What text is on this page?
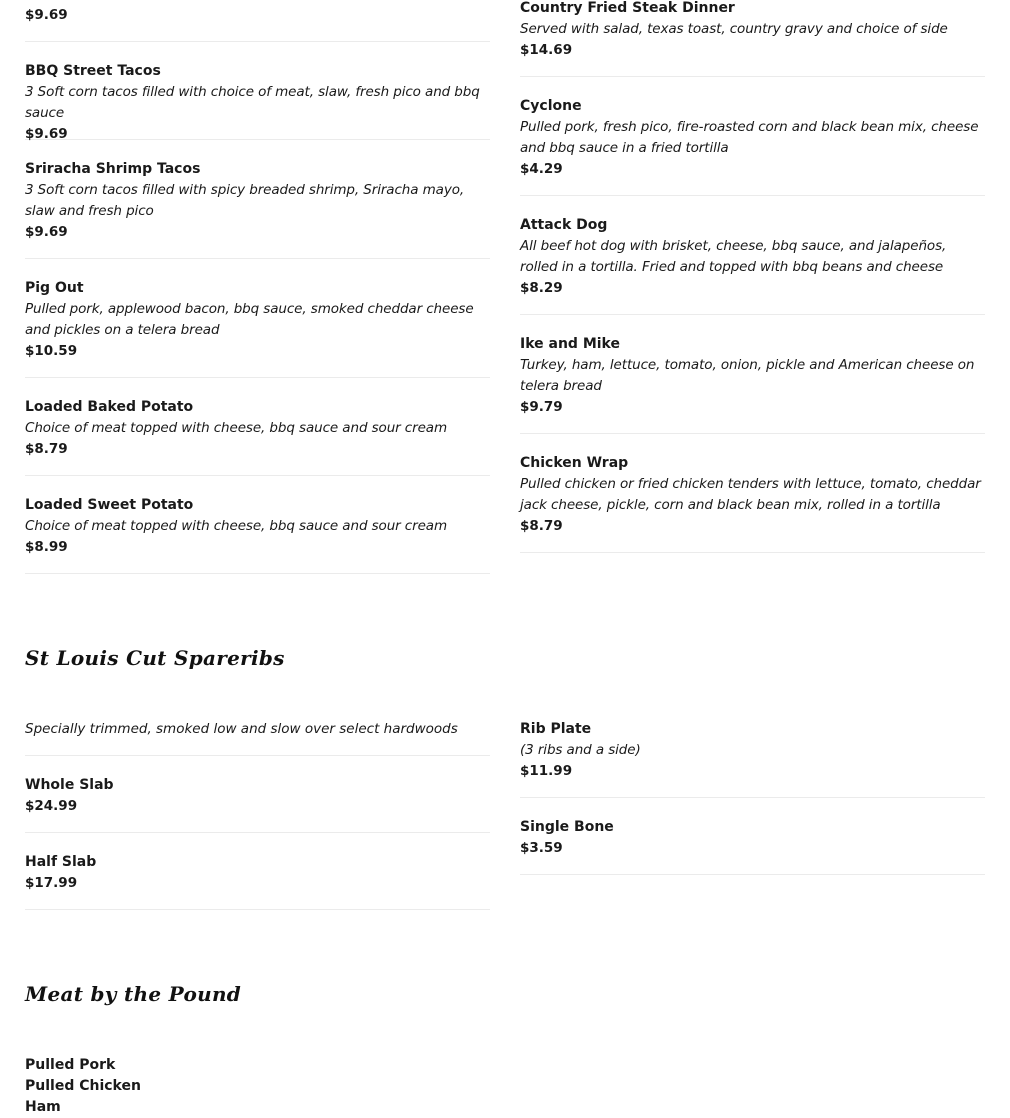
$9.69
BBQ Street Tacos
3 Soft corn tacos filled with choice of meat, slaw, fresh pico and bbq sauce
$9.69
Sriracha Shrimp Tacos
3 Soft corn tacos filled with spicy breaded shrimp, Sriracha mayo, slaw and fresh pico
$9.69
Pig Out
Pulled pork, applewood bacon, bbq sauce, smoked cheddar cheese and pickles on a telera bread
$10.59
Loaded Baked Potato
Choice of meat topped with cheese, bbq sauce and sour cream
$8.79
Loaded Sweet Potato
Choice of meat topped with cheese, bbq sauce and sour cream
$8.99
Country Fried Steak Dinner
Served with salad, texas toast, country gravy and choice of side
$14.69
Cyclone
Pulled pork, fresh pico, fire-roasted corn and black bean mix, cheese and bbq sauce in a fried tortilla
$4.29
Attack Dog
All beef hot dog with brisket, cheese, bbq sauce, and jalapeños, rolled in a tortilla. Fried and topped with bbq beans and cheese
$8.29
Ike and Mike
Turkey, ham, lettuce, tomato, onion, pickle and American cheese on telera bread
$9.79
Chicken Wrap
Pulled chicken or fried chicken tenders with lettuce, tomato, cheddar jack cheese, pickle, corn and black bean mix, rolled in a tortilla
$8.79
St Louis Cut Spareribs
Specially trimmed, smoked low and slow over select hardwoods
Whole Slab
$24.99
Half Slab
$17.99
Rib Plate
(3 ribs and a side)
$11.99
Single Bone
$3.59
Meat by the Pound
Pulled Pork
Pulled Chicken
Ham
